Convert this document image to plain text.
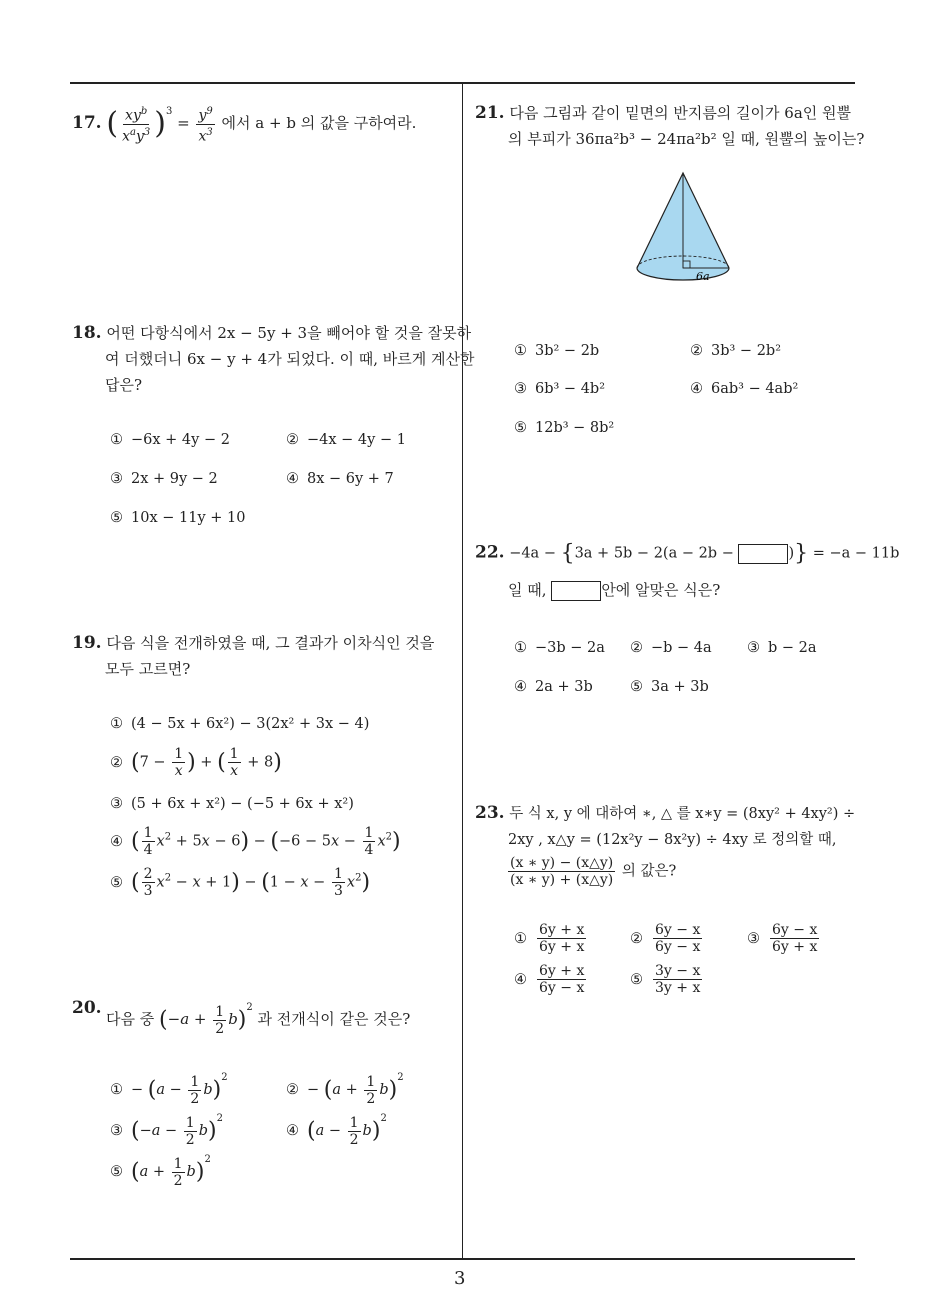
17. ( $\frac{xy^b}{x^ay^3} )^3 = \frac{y^9}{x^3}$ 에서 a + b 의 값을 구하여라.
18. 어떤 다항식에서 2x − 5y + 3을 빼어야 할 것을 잘못하
여 더했더니 6x − y + 4가 되었다. 이 때, 바르게 계산한
답은?
① −6x + 4y − 2	② −4x − 4y − 1
③ 2x + 9y − 2	④ 8x − 6y + 7
⑤ 10x − 11y + 10
19. 다음 식을 전개하였을 때, 그 결과가 이차식인 것을
모두 고르면?
① (4 − 5x + 6x²) − 3(2x² + 3x − 4)
② ($7 - \frac{1}{x}$ ) + ( $\frac{1}{x} + 8$)
③ (5 + 6x + x²) − (−5 + 6x + x²)
④ ( $\frac{1}{4} x^2 + 5x - 6) - (-6 - 5x - \frac{1}{4} x^2)$
⑤ ( $\frac{2}{3} x^2 - x + 1) - (1 - x - \frac{1}{3} x^2)$
20.
다음 중 $(-a + \frac{1}{2} b)^2$ 과 전개식이 같은 것은?
① − $(a - \frac{1}{2} b)^2$
② − $(a + \frac{1}{2} b)^2$
③ $(-a - \frac{1}{2} b)^2$
④ $(a - \frac{1}{2} b)^2$
⑤ $(a + \frac{1}{2} b)^2$
21. 다음 그림과 같이 밑면의 반지름의 길이가 6a인 원뿔
의 부피가 36πa²b³ − 24πa²b² 일 때, 원뿔의 높이는?
6a
① 3b² − 2b	② 3b³ − 2b²
③ 6b³ − 4b²	④ 6ab³ − 4ab²
⑤ 12b³ − 8b²
22. −4a − {3a + 5b − 2(a − 2b −	)} = −a − 11b
일 때,	안에 알맞은 식은?
① −3b − 2a ② −b − 4a ③ b − 2a
④ 2a + 3b	⑤ 3a + 3b
23. 두 식 x, y 에 대하여 ∗, △ 를 x∗y = (8xy² + 4xy²) ÷
2xy , x△y = (12x²y − 8x²y) ÷ 4xy 로 정의할 때,
$\frac{(x ∗ y) - (x\triangle y)}{(x ∗ y) + (x\triangle y)}$ 의 값은?
① $\frac{6y + x}{6y + x}$	② $\frac{6y - x}{6y - x}$	③ $\frac{6y - x}{6y + x}$
④ $\frac{6y + x}{6y - x}$	⑤ $\frac{3y - x}{3y + x}$
3
